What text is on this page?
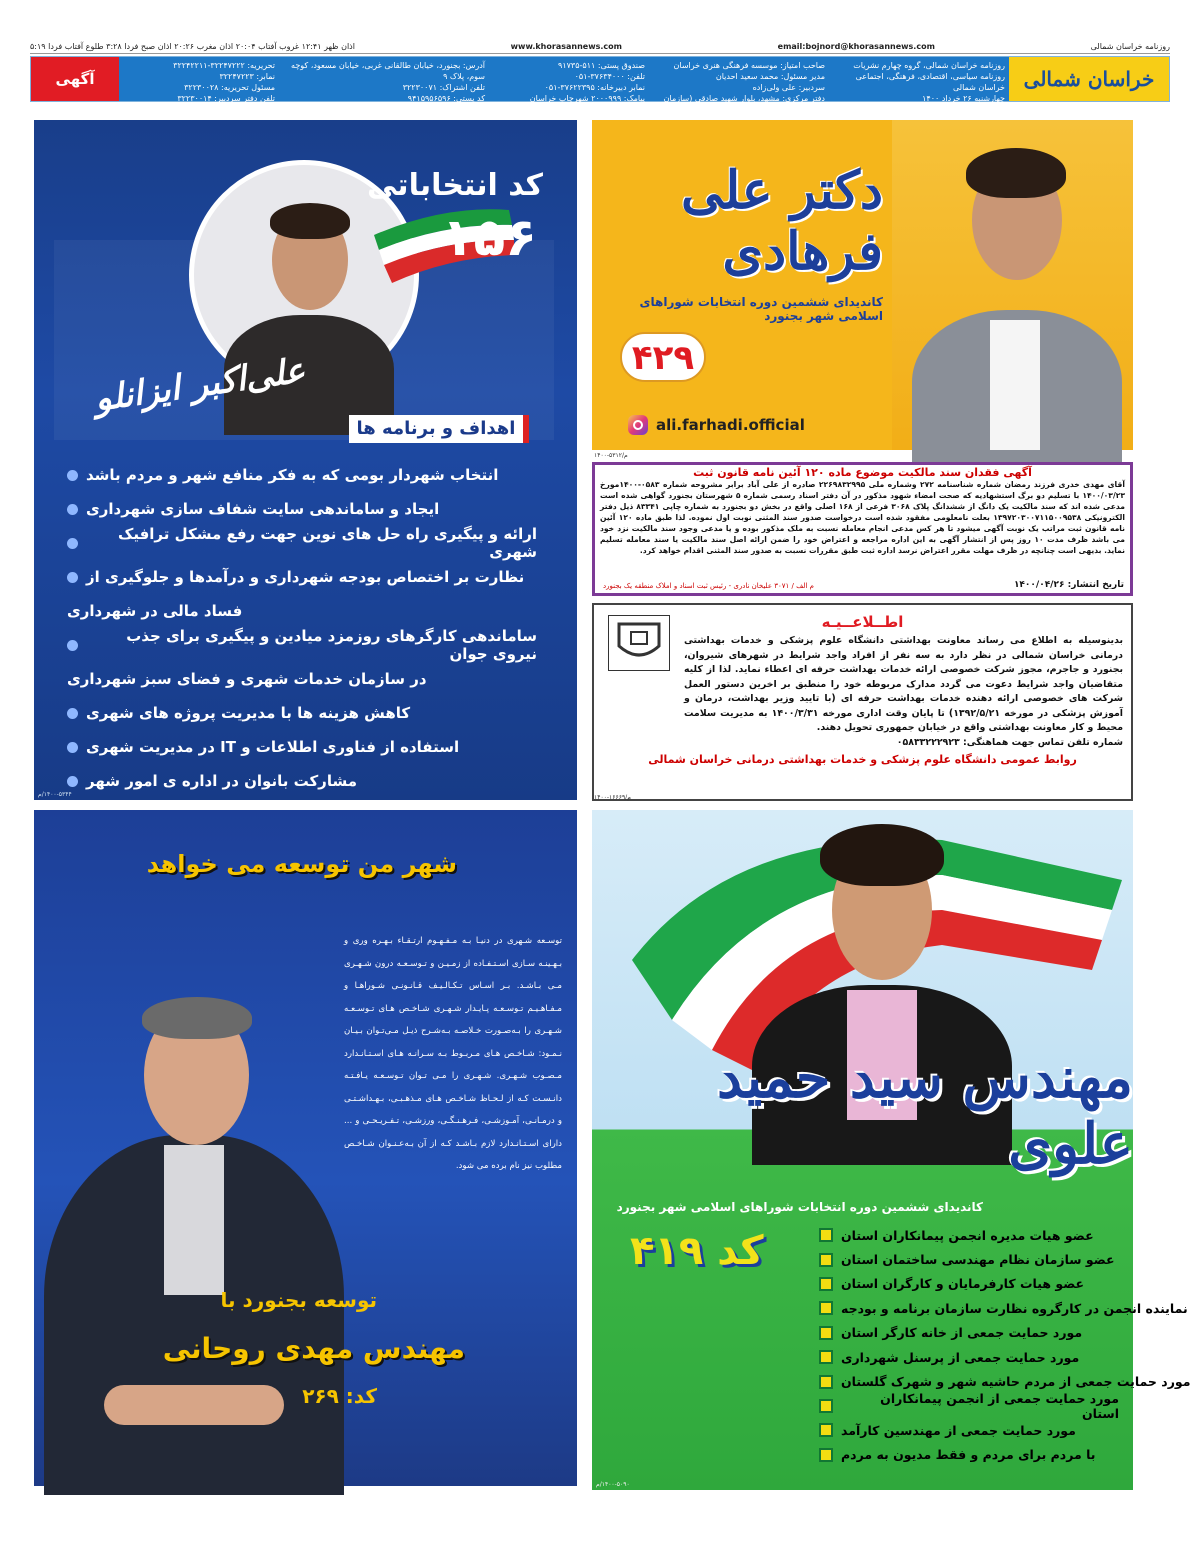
اذان ظهر ۱۲:۴۱ غروب آفتاب ۲۰:۰۴ اذان مغرب ۲۰:۲۶ اذان صبح فردا ۳:۲۸ طلوع آفتاب فردا ۵:۱۹	www.khorasannews.com	email:bojnord@khorasannews.com	روزنامه خراسان شمالی
آگهی
روزنامه خراسان شمالی، گروه چهارم نشریات
روزنامه سیاسی، اقتصادی، فرهنگی، اجتماعی خراسان شمالی
چهارشنبه ۲۶ خرداد ۱۴۰۰
۵ ذی القعده ۱۴۴۲ ، شماره ۳۵۷۸
صاحب امتیاز: موسسه فرهنگی هنری خراسان
مدیر مسئول: محمد سعید احدیان
سردبیر: علی ولی‌زاده
دفتر مرکزی: مشهد، بلوار شهید صادقی (سازمان آب)
صندوق پستی: ۵۱۱-۹۱۷۳۵
تلفن: ۳۷۶۳۴۰۰۰-۰۵۱
نمابر دبیرخانه: ۳۷۶۲۲۳۹۵-۰۵۱
پیامک: ۲۰۰۰۹۹۹ شهرچاپ خراسان
آدرس: بجنورد، خیابان طالقانی غربی، خیابان مسعود، کوچه سوم، پلاک ۹
تلفن اشتراک: ۳۲۲۳۰۰۷۱
کد پستی: ۹۴۱۵۹۵۶۵۹۶
دفتر مرکزی پذیرش آگهی: ۳۲۲۴۵۰۰۵
تحریریه: ۳۲۲۴۷۲۲۲-۳۲۲۴۲۲۱۱
نمابر: ۳۲۲۴۷۲۲۳
مسئول تحریریه: ۳۲۲۳۰۰۲۸
تلفن دفتر سردبیر: ۳۲۲۳۰۰۱۴
خراسان شمالی
کد انتخاباتی
۱۵۶
علی‌اکبر ایزانلو
اهداف و برنامه ها
انتخاب شهردار بومی که به فکر منافع شهر و مردم باشد
ایجاد و ساماندهی سایت شفاف سازی شهرداری
ارائه و پیگیری راه حل های نوین جهت رفع مشکل ترافیک شهری
نظارت بر اختصاص بودجه شهرداری و درآمدها و جلوگیری از
فساد مالی در شهرداری
ساماندهی کارگرهای روزمزد میادین و پیگیری برای جذب نیروی جوان
در سازمان خدمات شهری و فضای سبز شهرداری
کاهش هزینه ها با مدیریت پروژه های شهری
استفاده از فناوری اطلاعات و IT در مدیریت شهری
مشارکت بانوان در اداره ی امور شهر
۱۴۰۰-۵۳۴۴/م
دکتر علی فرهادی
کاندیدای ششمین دوره انتخابات شوراهای اسلامی شهر بجنورد
۴۲۹
ali.farhadi.official
۱۴۰۰-۵۳۱۲/م
آگهی فقدان سند مالکیت موضوع ماده ۱۲۰ آئین نامه قانون ثبت
آقای مهدی خدری فرزند رمضان شماره شناسنامه ۲۷۲ وشماره ملی ۲۲۶۹۸۳۲۹۹۵ صادره از علی آباد برابر مشروحه شماره ۰۵۸۳-۱۴۰۰مورخ ۱۴۰۰/۰۳/۲۳ با تسلیم دو برگ استشهادیه که صحت امضاء شهود مذکور در آن دفتر اسناد رسمی شماره ۵ شهرستان بجنورد گواهی شده است مدعی شده اند که سند مالکیت یک دانگ از ششدانگ پلاک ۳۰۶۸ فرعی از ۱۶۸ اصلی واقع در بخش دو بجنورد به شماره چاپی ۸۳۳۴۱ ذیل دفتر الکترونیکی ۱۳۹۷۲۰۳۰۰۷۱۱۵۰۰۹۵۳۸ بعلت نامعلومی مفقود شده است درخواست صدور سند المثنی نوبت اول نموده. لذا طبق ماده ۱۲۰ آئین نامه قانون ثبت مراتب یک نوبت آگهی میشود تا هر کس مدعی انجام معامله نسبت به ملک مذکور بوده و یا مدعی وجود سند مالکیت نزد خود می باشد ظرف مدت ۱۰ روز پس از انتشار آگهی به این اداره مراجعه و اعتراض خود را ضمن ارائه اصل سند مالکیت یا سند معامله تسلیم نماید. بدیهی است چنانچه در ظرف مهلت مقرر اعتراض نرسد اداره ثبت طبق مقررات نسبت به صدور سند المثنی اقدام خواهد کرد.
تاریخ انتشار: ۱۴۰۰/۰۴/۲۶
م الف / ۳۰۷۱ علیخان نادری - رئیس ثبت اسناد و املاک منطقه یک بجنورد
اطــلاعــیـه
بدینوسیله به اطلاع می رساند معاونت بهداشتی دانشگاه علوم پزشکی و خدمات بهداشتی درمانی خراسان شمالی در نظر دارد به سه نفر از افراد واجد شرایط در شهرهای شیروان، بجنورد و جاجرم، مجوز شرکت خصوصی ارائه خدمات بهداشت حرفه ای اعطاء نماید. لذا از کلیه متقاضیان واجد شرایط دعوت می گردد مدارک مربوطه خود را منطبق بر اخرین دستور العمل شرکت های خصوصی ارائه دهنده خدمات بهداشت حرفه ای (با تایید وزیر بهداشت، درمان و آموزش پزشکی در مورخه ۱۳۹۲/۵/۲۱) تا پایان وقت اداری مورخه ۱۴۰۰/۳/۳۱ به مدیریت سلامت محیط و کار معاونت بهداشتی واقع در خیابان جمهوری تحویل دهند.
شماره تلفن تماس جهت هماهنگی: ۰۵۸۳۳۲۲۲۹۲۳
روابط عمومی دانشگاه علوم پزشکی و خدمات بهداشتی درمانی خراسان شمالی
۱۴۰۰-۱۶۶۶۹/م
شهر من توسعه می خواهد
توسـعه شـهری در دنيـا بـه مـفـهـوم ارتـقـاء بـهـره وری و بـهـينـه سـازی اسـتـفـاده از زمـيـن و تـوسـعـه درون شـهـری مـی بـاشـد. بـر اسـاس تـكـالـيـف قـانـونـی شـوراهـا و مـفـاهـيـم تـوسـعـه پـايـدار شـهـری شـاخـص هـای تـوسـعـه شـهـری را بـه‌صـورت خـلاصـه بـه‌شـرح ذيـل مـی‌تـوان بـيـان نـمـود: شـاخـص هـای مـربـوط بـه سـرانـه هـای اسـتـانـدارد مـصـوب شـهـری. شـهـری را مـی تـوان تـوسـعـه يـافـتـه دانـسـت كـه از لـحـاظ شـاخـص هـای مـذهـبـی، بـهـداشـتـی و درمـانـی، آمـوزشـی، فـرهـنـگـی، ورزشـی، تـفـريـحـی و ... دارای اسـتـانـدارد لازم بـاشـد كـه از آن بـه‌عـنـوان شـاخـص مطلوب نيز نام برده می شود.
توسعه بجنورد با
مهندس مهدی روحانی
کد: ۲۶۹
مهندس سید حمید علوی
کاندیدای ششمین دوره انتخابات شوراهای اسلامی شهر بجنورد
کد ۴۱۹	عضو هیات مدیره انجمن پیمانکاران استان
عضو سازمان نظام مهندسی ساختمان استان
عضو هیات کارفرمایان و کارگران استان
نماینده انجمن در کارگروه نظارت سازمان برنامه و بودجه
مورد حمایت جمعی از خانه کارگر استان
مورد حمایت جمعی از پرسنل شهرداری
مورد حمایت جمعی از مردم حاشیه شهر و شهرک گلستان
مورد حمایت جمعی از انجمن پیمانکاران استان
مورد حمایت جمعی از مهندسین کارآمد
با مردم برای مردم و فقط مدیون به مردم
۱۴۰۰-۵۰۹۰/م
